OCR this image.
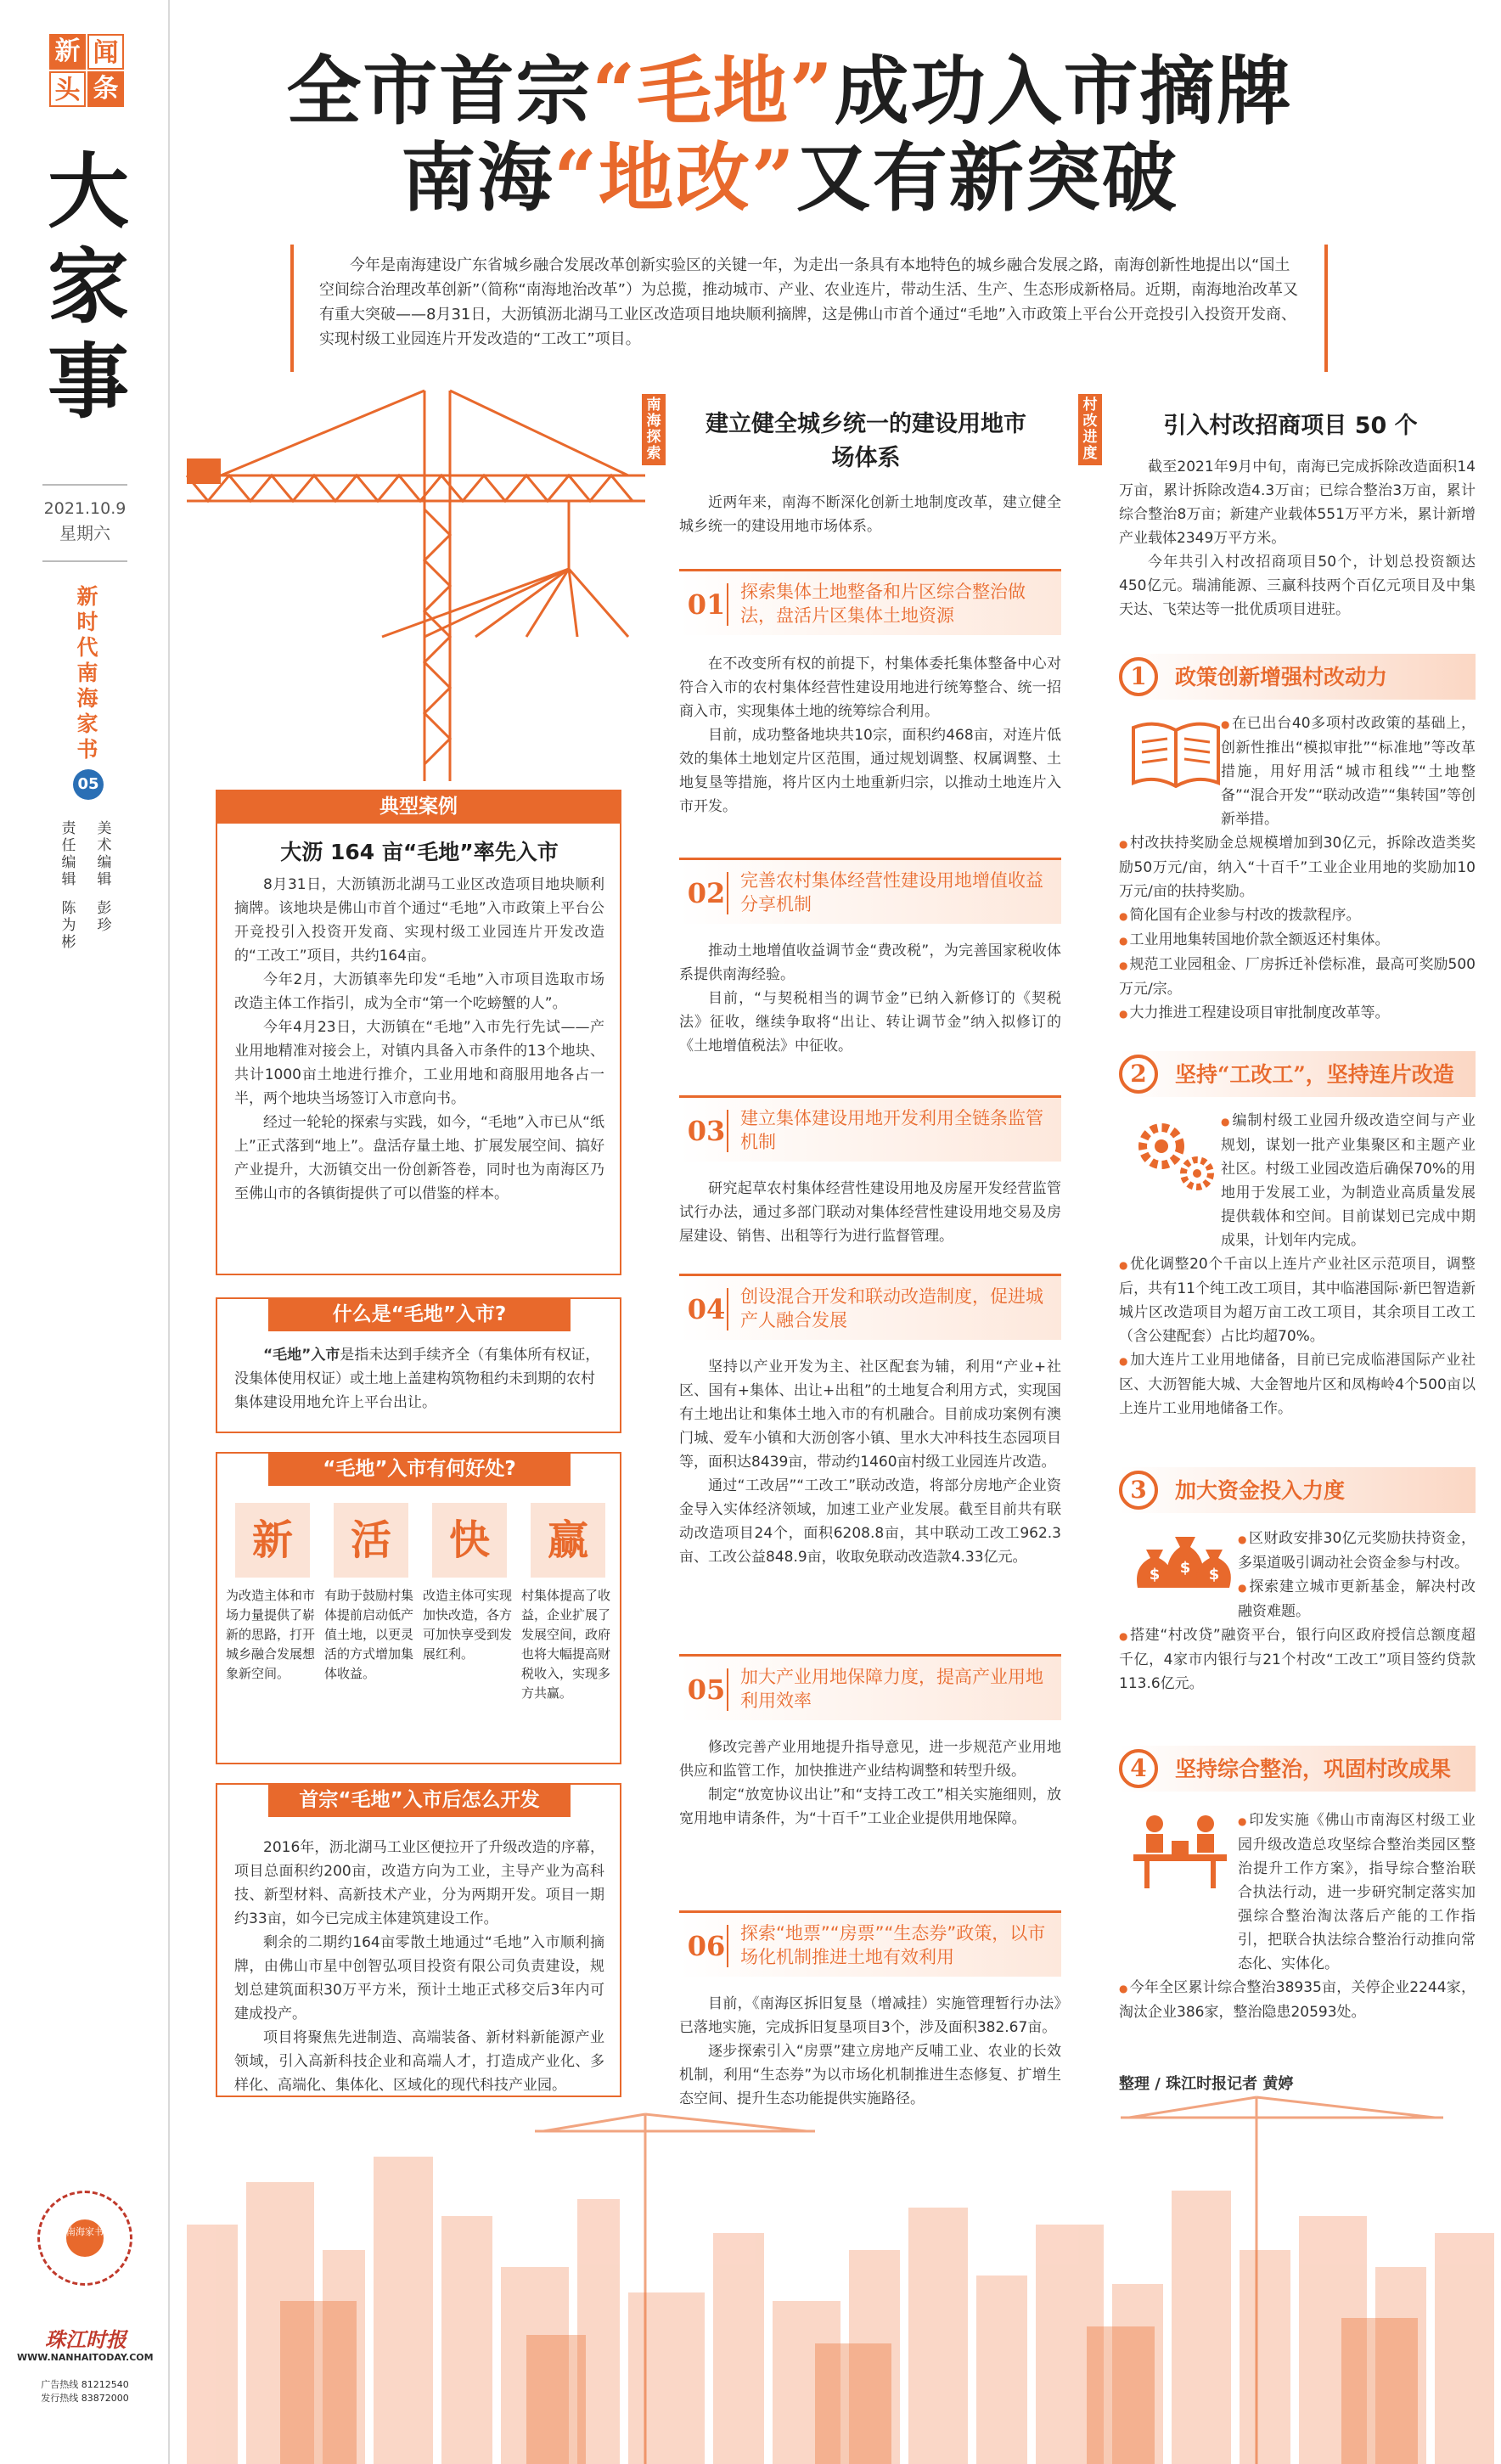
新 闻
头 条
大家事
2021.10.9
星期六
新时代南海家书
05
责任编辑
陈为彬
美术编辑
彭珍
南海家书
珠江时报
WWW.NANHAITODAY.COM
广告热线 81212540
发行热线 83872000
全市首宗“毛地”成功入市摘牌
南海“地改”又有新突破
今年是南海建设广东省城乡融合发展改革创新实验区的关键一年，为走出一条具有本地特色的城乡融合发展之路，南海创新性地提出以“国土空间综合治理改革创新”（简称“南海地治改革”）为总揽，推动城市、产业、农业连片，带动生活、生产、生态形成新格局。近期，南海地治改革又有重大突破——8月31日，大沥镇沥北湖马工业区改造项目地块顺利摘牌，这是佛山市首个通过“毛地”入市政策上平台公开竞投引入投资开发商、实现村级工业园连片开发改造的“工改工”项目。
典型案例
大沥 164 亩“毛地”率先入市

8月31日，大沥镇沥北湖马工业区改造项目地块顺利摘牌。该地块是佛山市首个通过“毛地”入市政策上平台公开竞投引入投资开发商、实现村级工业园连片开发改造的“工改工”项目，共约164亩。

今年2月，大沥镇率先印发“毛地”入市项目选取市场改造主体工作指引，成为全市“第一个吃螃蟹的人”。

今年4月23日，大沥镇在“毛地”入市先行先试——产业用地精准对接会上，对镇内具备入市条件的13个地块、共计1000亩土地进行推介，工业用地和商服用地各占一半，两个地块当场签订入市意向书。

经过一轮轮的探索与实践，如今，“毛地”入市已从“纸上”正式落到“地上”。盘活存量土地、扩展发展空间、搞好产业提升，大沥镇交出一份创新答卷，同时也为南海区乃至佛山市的各镇街提供了可以借鉴的样本。

什么是“毛地”入市?
“毛地”入市是指未达到手续齐全（有集体所有权证，没集体使用权证）或土地上盖建构筑物租约未到期的农村集体建设用地允许上平台出让。
“毛地”入市有何好处?
新
为改造主体和市场力量提供了崭新的思路，打开城乡融合发展想象新空间。
活
有助于鼓励村集体提前启动低产值土地，以更灵活的方式增加集体收益。
快
改造主体可实现加快改造，各方可加快享受到发展红利。
赢
村集体提高了收益，企业扩展了发展空间，政府也将大幅提高财税收入，实现多方共赢。
首宗“毛地”入市后怎么开发

2016年，沥北湖马工业区便拉开了升级改造的序幕，项目总面积约200亩，改造方向为工业，主导产业为高科技、新型材料、高新技术产业，分为两期开发。项目一期约33亩，如今已完成主体建筑建设工作。

剩余的二期约164亩零散土地通过“毛地”入市顺利摘牌，由佛山市星中创智弘项目投资有限公司负责建设，规划总建筑面积30万平方米，预计土地正式移交后3年内可建成投产。

项目将聚焦先进制造、高端装备、新材料新能源产业领域，引入高新科技企业和高端人才，打造成产业化、多样化、高端化、集体化、区域化的现代科技产业园。

南海探索
建立健全城乡统一的建设用地市场体系
近两年来，南海不断深化创新土地制度改革，建立健全城乡统一的建设用地市场体系。
01 探索集体土地整备和片区综合整治做法，盘活片区集体土地资源

在不改变所有权的前提下，村集体委托集体整备中心对符合入市的农村集体经营性建设用地进行统筹整合、统一招商入市，实现集体土地的统筹综合利用。

目前，成功整备地块共10宗，面积约468亩，对连片低效的集体土地划定片区范围，通过规划调整、权属调整、土地复垦等措施，将片区内土地重新归宗，以推动土地连片入市开发。

02 完善农村集体经营性建设用地增值收益分享机制

推动土地增值收益调节金“费改税”，为完善国家税收体系提供南海经验。

目前，“与契税相当的调节金”已纳入新修订的《契税法》征收，继续争取将“出让、转让调节金”纳入拟修订的《土地增值税法》中征收。

03 建立集体建设用地开发利用全链条监管机制

研究起草农村集体经营性建设用地及房屋开发经营监管试行办法，通过多部门联动对集体经营性建设用地交易及房屋建设、销售、出租等行为进行监督管理。

04 创设混合开发和联动改造制度，促进城产人融合发展

坚持以产业开发为主、社区配套为辅，利用“产业+社区、国有+集体、出让+出租”的土地复合利用方式，实现国有土地出让和集体土地入市的有机融合。目前成功案例有澳门城、爱车小镇和大沥创客小镇、里水大冲科技生态园项目等，面积达8439亩，带动约1460亩村级工业园连片改造。

通过“工改居”“工改工”联动改造，将部分房地产企业资金导入实体经济领域，加速工业产业发展。截至目前共有联动改造项目24个，面积6208.8亩，其中联动工改工962.3亩、工改公益848.9亩，收取免联动改造款4.33亿元。

05 加大产业用地保障力度，提高产业用地利用效率

修改完善产业用地提升指导意见，进一步规范产业用地供应和监管工作，加快推进产业结构调整和转型升级。

制定“放宽协议出让”和“支持工改工”相关实施细则，放宽用地申请条件，为“十百千”工业企业提供用地保障。

06 探索“地票”“房票”“生态券”政策，以市场化机制推进土地有效利用

目前，《南海区拆旧复垦（增减挂）实施管理暂行办法》已落地实施，完成拆旧复垦项目3个，涉及面积382.67亩。

逐步探索引入“房票”建立房地产反哺工业、农业的长效机制，利用“生态券”为以市场化机制推进生态修复、扩增生态空间、提升生态功能提供实施路径。

村改进度
引入村改招商项目 50 个

截至2021年9月中旬，南海已完成拆除改造面积14万亩，累计拆除改造4.3万亩；已综合整治3万亩，累计综合整治8万亩；新建产业载体551万平方米，累计新增产业载体2349万平方米。

今年共引入村改招商项目50个，计划总投资额达450亿元。瑞浦能源、三赢科技两个百亿元项目及中集天达、飞荣达等一批优质项目进驻。

1	政策创新增强村改动力

● 在已出台40多项村改政策的基础上，创新性推出“模拟审批”“标准地”等改革措施，用好用活“城市租线”“土地整备”“混合开发”“联动改造”“集转国”等创新举措。

● 村改扶持奖励金总规模增加到30亿元，拆除改造类奖励50万元/亩，纳入“十百千”工业企业用地的奖励加10万元/亩的扶持奖励。

● 简化国有企业参与村改的拨款程序。

● 工业用地集转国地价款全额返还村集体。

● 规范工业园租金、厂房拆迁补偿标准，最高可奖励500万元/宗。

● 大力推进工程建设项目审批制度改革等。

2	坚持“工改工”，坚持连片改造

● 编制村级工业园升级改造空间与产业规划，谋划一批产业集聚区和主题产业社区。村级工业园改造后确保70%的用地用于发展工业，为制造业高质量发展提供载体和空间。目前谋划已完成中期成果，计划年内完成。

● 优化调整20个千亩以上连片产业社区示范项目，调整后，共有11个纯工改工项目，其中临港国际·新巴智造新城片区改造项目为超万亩工改工项目，其余项目工改工（含公建配套）占比均超70%。

● 加大连片工业用地储备，目前已完成临港国际产业社区、大沥智能大城、大金智地片区和凤梅岭4个500亩以上连片工业用地储备工作。

3	加大资金投入力度
$ $ $

● 区财政安排30亿元奖励扶持资金，多渠道吸引调动社会资金参与村改。

● 探索建立城市更新基金，解决村改融资难题。

● 搭建“村改贷”融资平台，银行向区政府授信总额度超千亿，4家市内银行与21个村改“工改工”项目签约贷款113.6亿元。

4	坚持综合整治，巩固村改成果

● 印发实施《佛山市南海区村级工业园升级改造总攻坚综合整治类园区整治提升工作方案》，指导综合整治联合执法行动，进一步研究制定落实加强综合整治淘汰落后产能的工作指引，把联合执法综合整治行动推向常态化、实体化。

● 今年全区累计综合整治38935亩，关停企业2244家，淘汰企业386家，整治隐患20593处。

整理 / 珠江时报记者 黄婷
